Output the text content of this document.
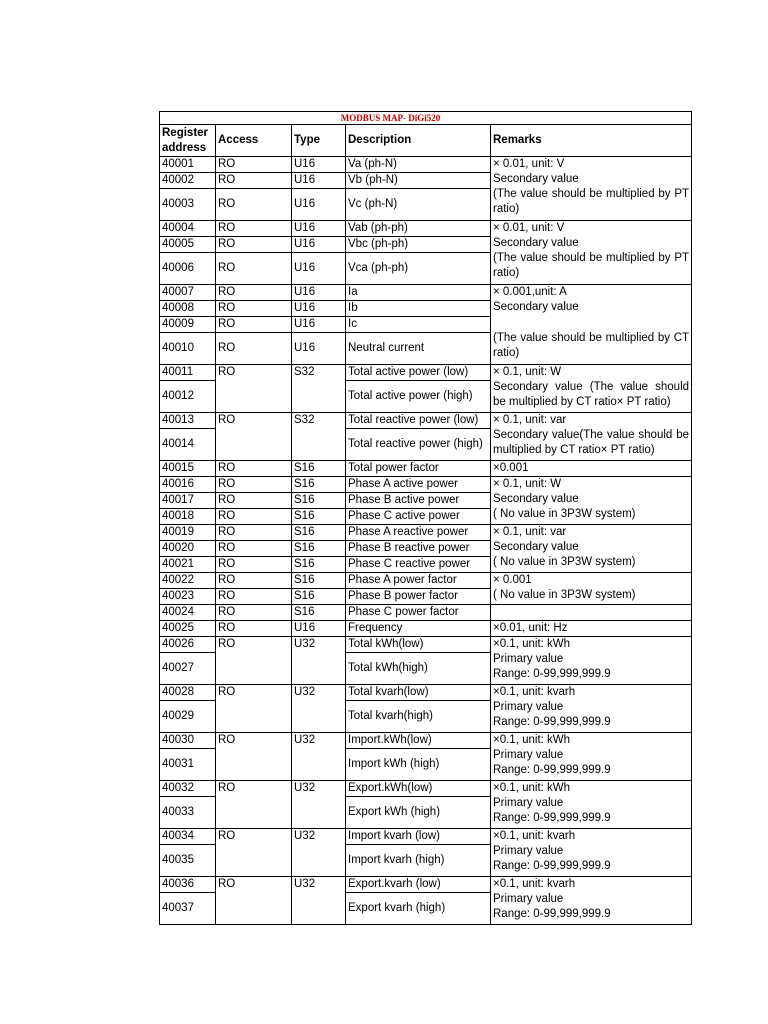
MODBUS MAP- DiGi520				

Register
address	Access	Type	Description	Remarks
40001	RO	U16	Va (ph-N)	× 0.01, unit: V
Secondary value
(The value should be multiplied by PT ratio)

40002	RO	U16	Vb (ph-N)	
40003	RO	U16	Vc (ph-N)	
40004	RO	U16	Vab (ph-ph)	× 0.01, unit: V
Secondary value
(The value should be multiplied by PT ratio)

40005	RO	U16	Vbc (ph-ph)	
40006	RO	U16	Vca (ph-ph)	
40007	RO	U16	Ia	× 0.001,unit: A
Secondary value
(The value should be multiplied by CT ratio)

40008	RO	U16	Ib	
40009	RO	U16	Ic	
40010	RO	U16	Neutral current	
40011	RO	S32	Total active power (low)	× 0.1, unit: W
Secondary value (The value should be multiplied by CT ratio× PT ratio)

40012			Total active power (high)	
40013	RO	S32	Total reactive power (low)	× 0.1, unit: var
Secondary value(The value should be multiplied by CT ratio× PT ratio)

40014			Total reactive power (high)	
40015	RO	S16	Total power factor	×0.001

40016	RO	S16	Phase A active power	× 0.1, unit: W
Secondary value
( No value in 3P3W system)

40017	RO	S16	Phase B active power	
40018	RO	S16	Phase C active power	
40019	RO	S16	Phase A reactive power	× 0.1, unit: var
Secondary value
( No value in 3P3W system)

40020	RO	S16	Phase B reactive power	
40021	RO	S16	Phase C reactive power	
40022	RO	S16	Phase A power factor	× 0.001
( No value in 3P3W system)

40023	RO	S16	Phase B power factor	
40024	RO	S16	Phase C power factor	
40025	RO	U16	Frequency	×0.01, unit: Hz

40026	RO	U32	Total kWh(low)	×0.1, unit: kWh
Primary value
Range: 0-99,999,999.9

40027			Total kWh(high)	
40028	RO	U32	Total kvarh(low)	×0.1, unit: kvarh
Primary value
Range: 0-99,999,999.9

40029			Total kvarh(high)	
40030	RO	U32	Import.kWh(low)	×0.1, unit: kWh
Primary value
Range: 0-99,999,999.9

40031			Import kWh (high)	
40032	RO	U32	Export.kWh(low)	×0.1, unit: kWh
Primary value
Range: 0-99,999,999.9

40033			Export kWh (high)	
40034	RO	U32	Import kvarh (low)	×0.1, unit: kvarh
Primary value
Range: 0-99,999,999.9

40035			Import kvarh (high)	
40036	RO	U32	Export.kvarh (low)	×0.1, unit: kvarh
Primary value
Range: 0-99,999,999.9

40037			Export kvarh (high)	
